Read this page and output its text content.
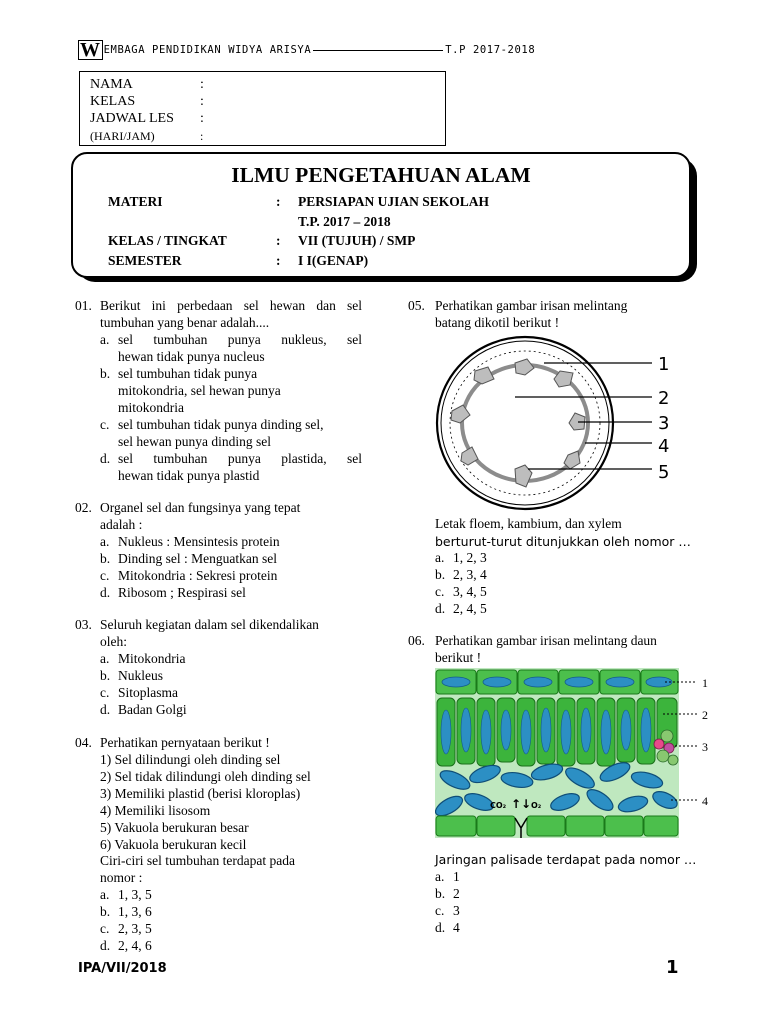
W EMBAGA PENDIDIKAN WIDYA ARISYA	T.P 2017-2018
NAMA	:
KELAS	:
JADWAL LES :
(HARI/JAM)	:
ILMU PENGETAHUAN ALAM
MATERI	: PERSIAPAN UJIAN SEKOLAH
T.P. 2017 – 2018
KELAS / TINGKAT	: VII (TUJUH) / SMP
SEMESTER	: I I(GENAP)
01. Berikut ini perbedaan sel hewan dan sel
tumbuhan yang benar adalah....
a. sel tumbuhan punya nukleus, sel
hewan tidak punya nucleus
b. sel tumbuhan tidak punya
mitokondria, sel hewan punya
mitokondria
c. sel tumbuhan tidak punya dinding sel,
sel hewan punya dinding sel
d. sel tumbuhan punya plastida, sel
hewan tidak punya plastid
02. Organel sel dan fungsinya yang tepat
adalah :
a. Nukleus : Mensintesis protein
b. Dinding sel : Menguatkan sel
c. Mitokondria : Sekresi protein
d. Ribosom ; Respirasi sel
03. Seluruh kegiatan dalam sel dikendalikan
oleh:
a. Mitokondria
b. Nukleus
c. Sitoplasma
d. Badan Golgi
04. Perhatikan pernyataan berikut !
1) Sel dilindungi oleh dinding sel
2) Sel tidak dilindungi oleh dinding sel
3) Memiliki plastid (berisi kloroplas)
4) Memiliki lisosom
5) Vakuola berukuran besar
6) Vakuola berukuran kecil
Ciri-ciri sel tumbuhan terdapat pada
nomor :
a. 1, 3, 5
b. 1, 3, 6
c. 2, 3, 5
d. 2, 4, 6
05. Perhatikan gambar irisan melintang
batang dikotil berikut !
1
2
3
4
5
Letak floem, kambium, dan xylem
berturut-turut ditunjukkan oleh nomor …
a. 1, 2, 3
b. 2, 3, 4
c. 3, 4, 5
d. 2, 4, 5
06. Perhatikan gambar irisan melintang daun
berikut !
CO₂ ↑↓ O₂
1
2
3
4
Jaringan palisade terdapat pada nomor …
a. 1
b. 2
c. 3
d. 4
IPA/VII/2018	1
